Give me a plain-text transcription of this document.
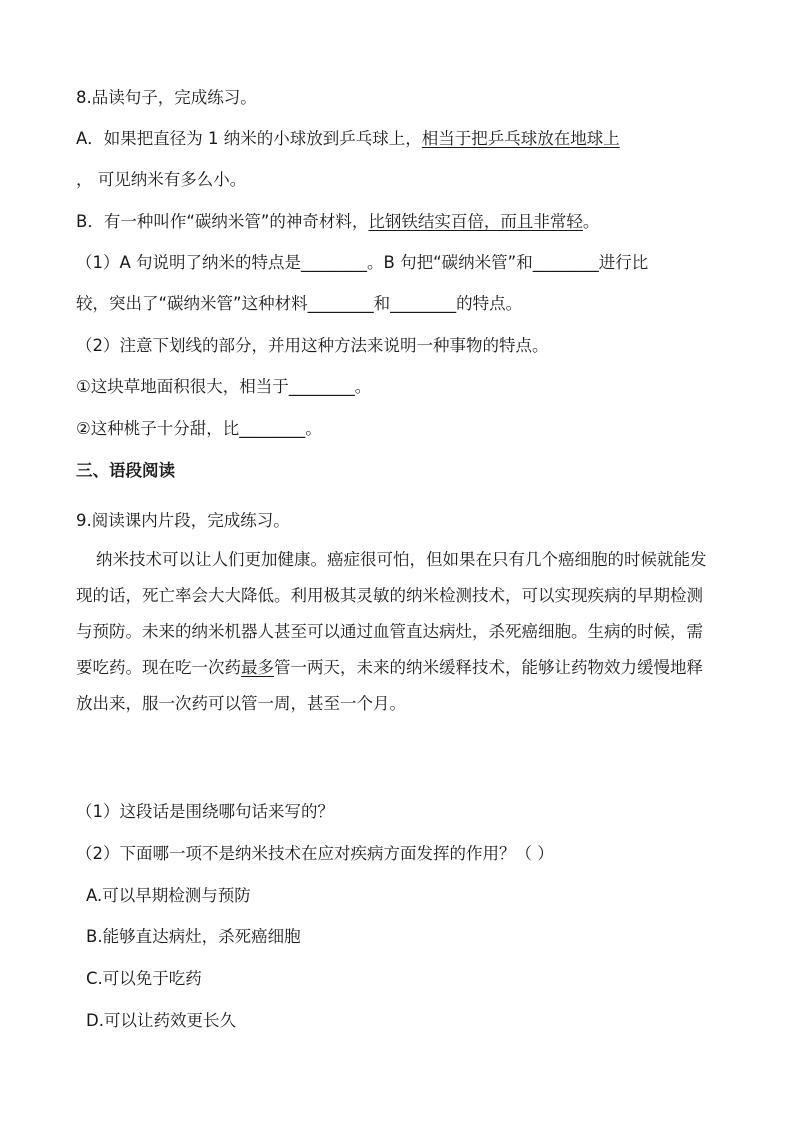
8.品读句子，完成练习。
A．如果把直径为 1 纳米的小球放到乒乓球上，相当于把乒乓球放在地球上
， 可见纳米有多么小。
B．有一种叫作“碳纳米管”的神奇材料，比钢铁结实百倍，而且非常轻。
（1）A 句说明了纳米的特点是________。B 句把“碳纳米管”和________进行比
较，突出了“碳纳米管”这种材料________和________的特点。
（2）注意下划线的部分，并用这种方法来说明一种事物的特点。
①这块草地面积很大，相当于________。
②这种桃子十分甜，比________。
三、语段阅读
9.阅读课内片段，完成练习。
纳米技术可以让人们更加健康。癌症很可怕，但如果在只有几个癌细胞的时候就能发现的话，死亡率会大大降低。利用极其灵敏的纳米检测技术，可以实现疾病的早期检测与预防。未来的纳米机器人甚至可以通过血管直达病灶，杀死癌细胞。生病的时候，需要吃药。现在吃一次药最多管一两天，未来的纳米缓释技术，能够让药物效力缓慢地释放出来，服一次药可以管一周，甚至一个月。
（1）这段话是围绕哪句话来写的？
（2）下面哪一项不是纳米技术在应对疾病方面发挥的作用？（ ）
A.可以早期检测与预防
B.能够直达病灶，杀死癌细胞
C.可以免于吃药
D.可以让药效更长久
